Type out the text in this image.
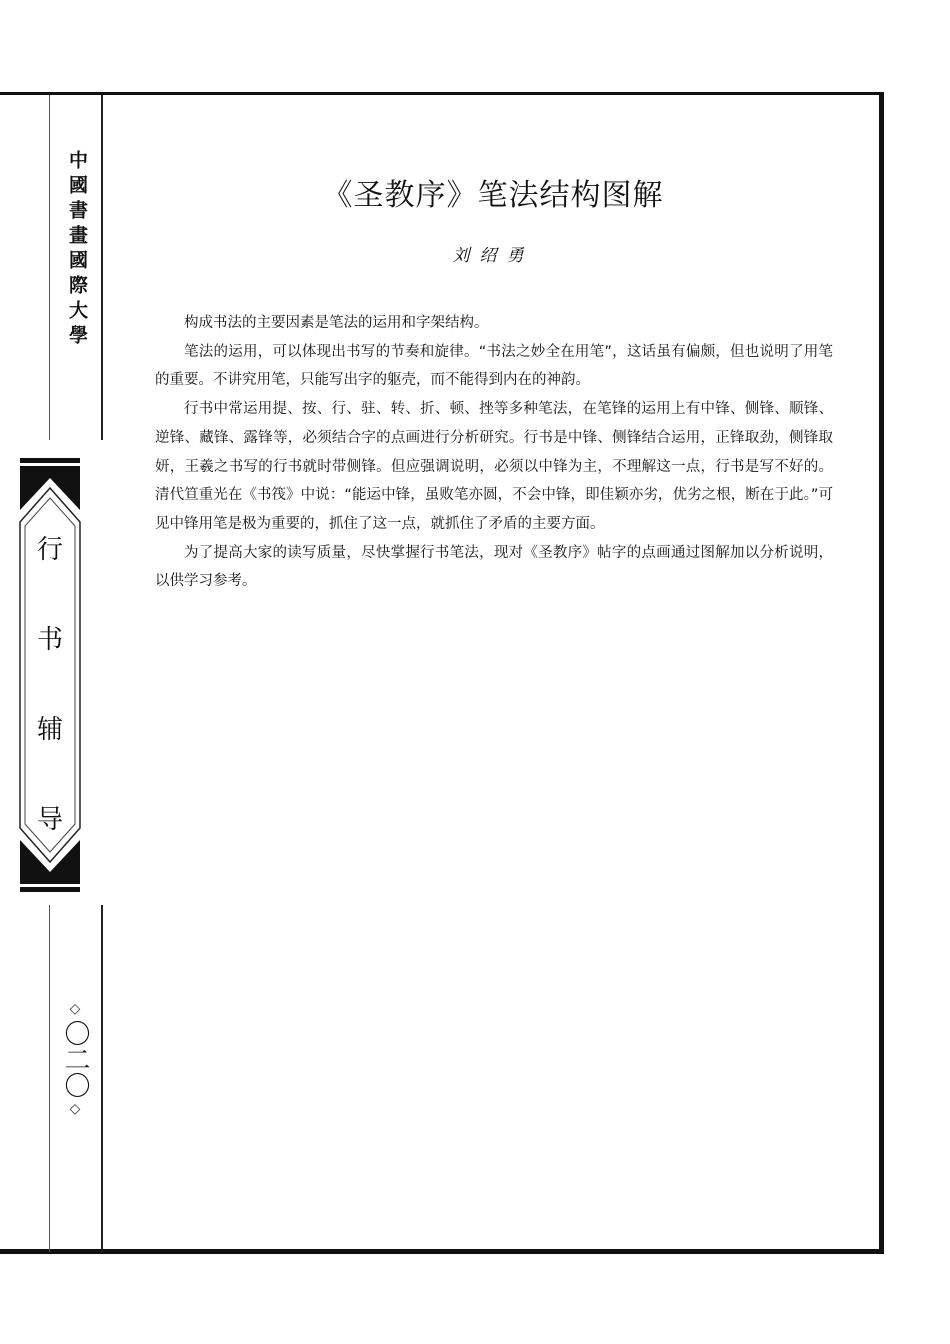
中國書畫國際大學
行
书
辅
导
◇
〇二〇
◇
《圣教序》笔法结构图解
刘绍勇

构成书法的主要因素是笔法的运用和字架结构。

笔法的运用，可以体现出书写的节奏和旋律。“书法之妙全在用笔”，这话虽有偏颇，但也说明了用笔的重要。不讲究用笔，只能写出字的躯壳，而不能得到内在的神韵。

行书中常运用提、按、行、驻、转、折、顿、挫等多种笔法，在笔锋的运用上有中锋、侧锋、顺锋、逆锋、藏锋、露锋等，必须结合字的点画进行分析研究。行书是中锋、侧锋结合运用，正锋取劲，侧锋取妍，王羲之书写的行书就时带侧锋。但应强调说明，必须以中锋为主，不理解这一点，行书是写不好的。清代笪重光在《书筏》中说：“能运中锋，虽败笔亦圆，不会中锋，即佳颖亦劣，优劣之根，断在于此。”可见中锋用笔是极为重要的，抓住了这一点，就抓住了矛盾的主要方面。

为了提高大家的读写质量，尽快掌握行书笔法，现对《圣教序》帖字的点画通过图解加以分析说明，以供学习参考。
